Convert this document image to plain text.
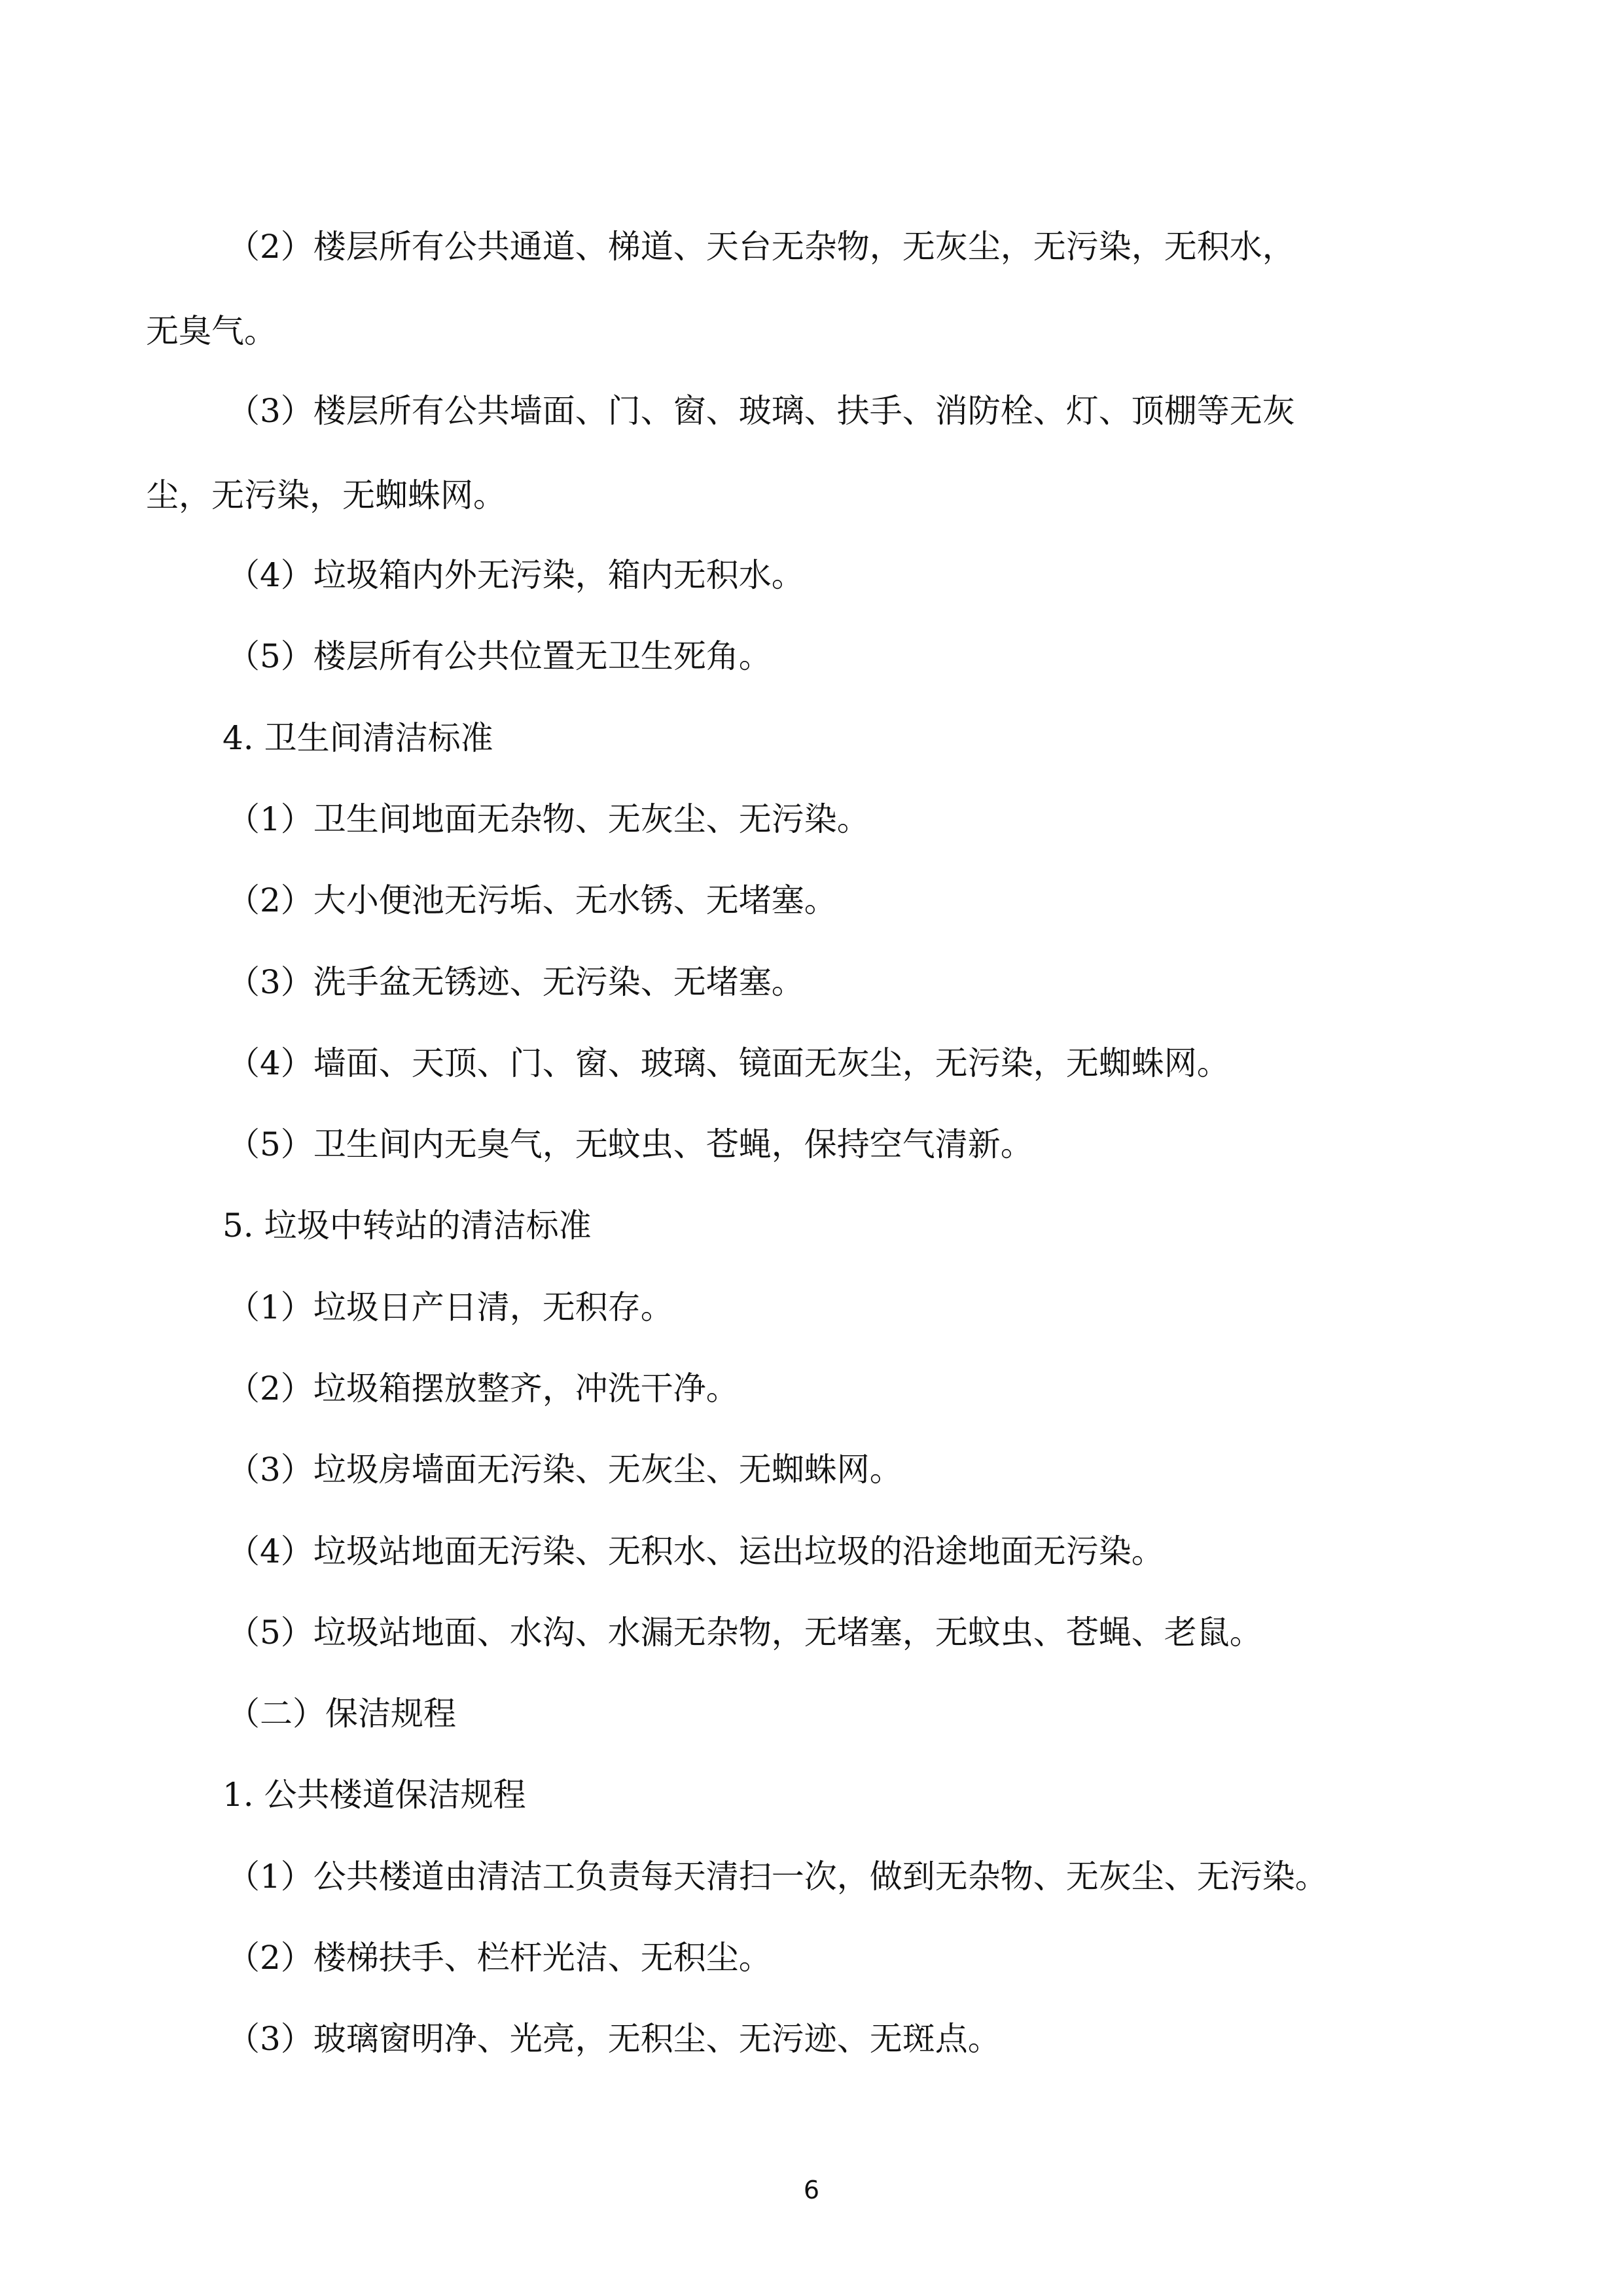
（2）楼层所有公共通道、梯道、天台无杂物，无灰尘，无污染，无积水，
无臭气。
（3）楼层所有公共墙面、门、窗、玻璃、扶手、消防栓、灯、顶棚等无灰
尘，无污染，无蜘蛛网。
（4）垃圾箱内外无污染，箱内无积水。
（5）楼层所有公共位置无卫生死角。
4. 卫生间清洁标准
（1）卫生间地面无杂物、无灰尘、无污染。
（2）大小便池无污垢、无水锈、无堵塞。
（3）洗手盆无锈迹、无污染、无堵塞。
（4）墙面、天顶、门、窗、玻璃、镜面无灰尘，无污染，无蜘蛛网。
（5）卫生间内无臭气，无蚊虫、苍蝇，保持空气清新。
5. 垃圾中转站的清洁标准
（1）垃圾日产日清，无积存。
（2）垃圾箱摆放整齐，冲洗干净。
（3）垃圾房墙面无污染、无灰尘、无蜘蛛网。
（4）垃圾站地面无污染、无积水、运出垃圾的沿途地面无污染。
（5）垃圾站地面、水沟、水漏无杂物，无堵塞，无蚊虫、苍蝇、老鼠。
（二）保洁规程
1. 公共楼道保洁规程
（1）公共楼道由清洁工负责每天清扫一次，做到无杂物、无灰尘、无污染。
（2）楼梯扶手、栏杆光洁、无积尘。
（3）玻璃窗明净、光亮，无积尘、无污迹、无斑点。
6
